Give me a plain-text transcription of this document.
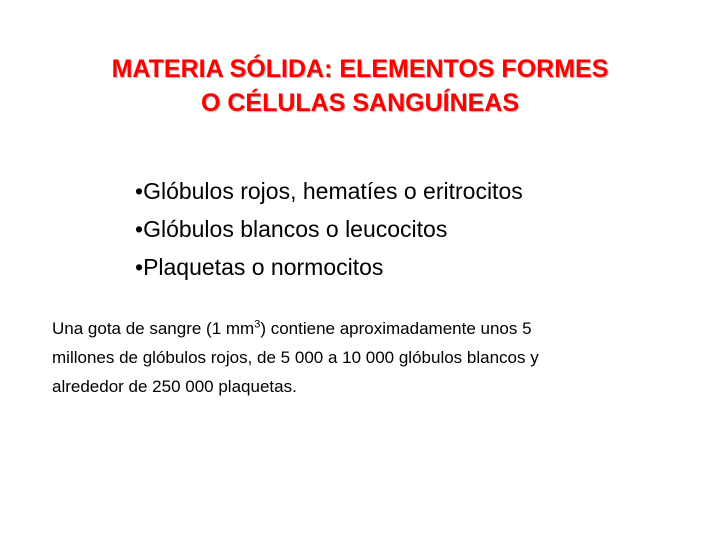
MATERIA SÓLIDA: ELEMENTOS FORMES
O CÉLULAS SANGUÍNEAS
•Glóbulos rojos, hematíes o eritrocitos
•Glóbulos blancos o leucocitos
•Plaquetas o normocitos

Una gota de sangre (1 $mm^3$) contiene aproximadamente unos 5
millones de glóbulos rojos, de 5 000 a 10 000 glóbulos blancos y
alrededor de 250 000 plaquetas.
